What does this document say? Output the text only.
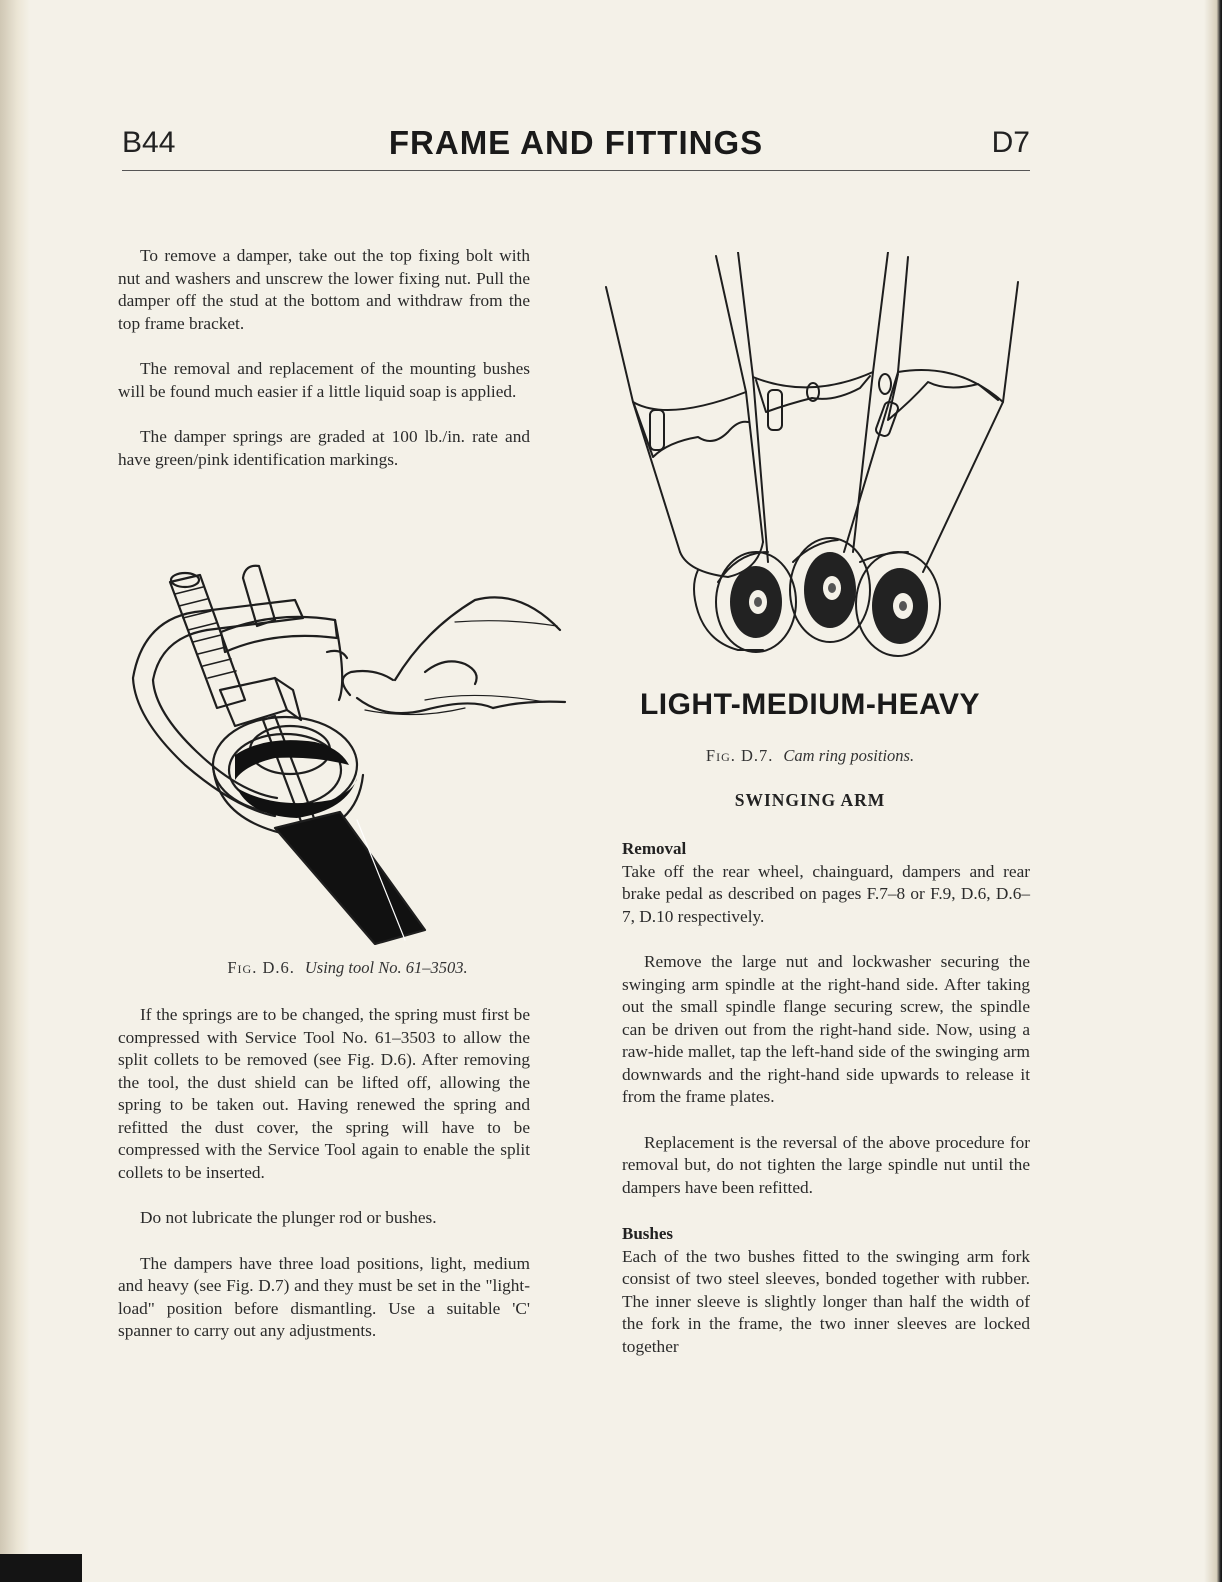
B44	FRAME AND FITTINGS	D7

To remove a damper, take out the top fixing bolt with nut and washers and unscrew the lower fixing nut. Pull the damper off the stud at the bottom and withdraw from the top frame bracket.

The removal and replacement of the mounting bushes will be found much easier if a little liquid soap is applied.

The damper springs are graded at 100 lb./in. rate and have green/pink identification markings.

Fig. D.6. Using tool No. 61–3503.

If the springs are to be changed, the spring must first be compressed with Service Tool No. 61–3503 to allow the split collets to be removed (see Fig. D.6). After removing the tool, the dust shield can be lifted off, allowing the spring to be taken out. Having renewed the spring and refitted the dust cover, the spring will have to be compressed with the Service Tool again to enable the split collets to be inserted.

Do not lubricate the plunger rod or bushes.

The dampers have three load positions, light, medium and heavy (see Fig. D.7) and they must be set in the "light-load" position before dismantling. Use a suitable 'C' spanner to carry out any adjustments.

LIGHT-MEDIUM-HEAVY
Fig. D.7. Cam ring positions.
SWINGING ARM

Removal

Take off the rear wheel, chainguard, dampers and rear brake pedal as described on pages F.7–8 or F.9, D.6, D.6–7, D.10 respectively.

Remove the large nut and lockwasher securing the swinging arm spindle at the right-hand side. After taking out the small spindle flange securing screw, the spindle can be driven out from the right-hand side. Now, using a raw-hide mallet, tap the left-hand side of the swinging arm downwards and the right-hand side upwards to release it from the frame plates.

Replacement is the reversal of the above procedure for removal but, do not tighten the large spindle nut until the dampers have been refitted.

Bushes

Each of the two bushes fitted to the swinging arm fork consist of two steel sleeves, bonded together with rubber. The inner sleeve is slightly longer than half the width of the fork in the frame, the two inner sleeves are locked together
